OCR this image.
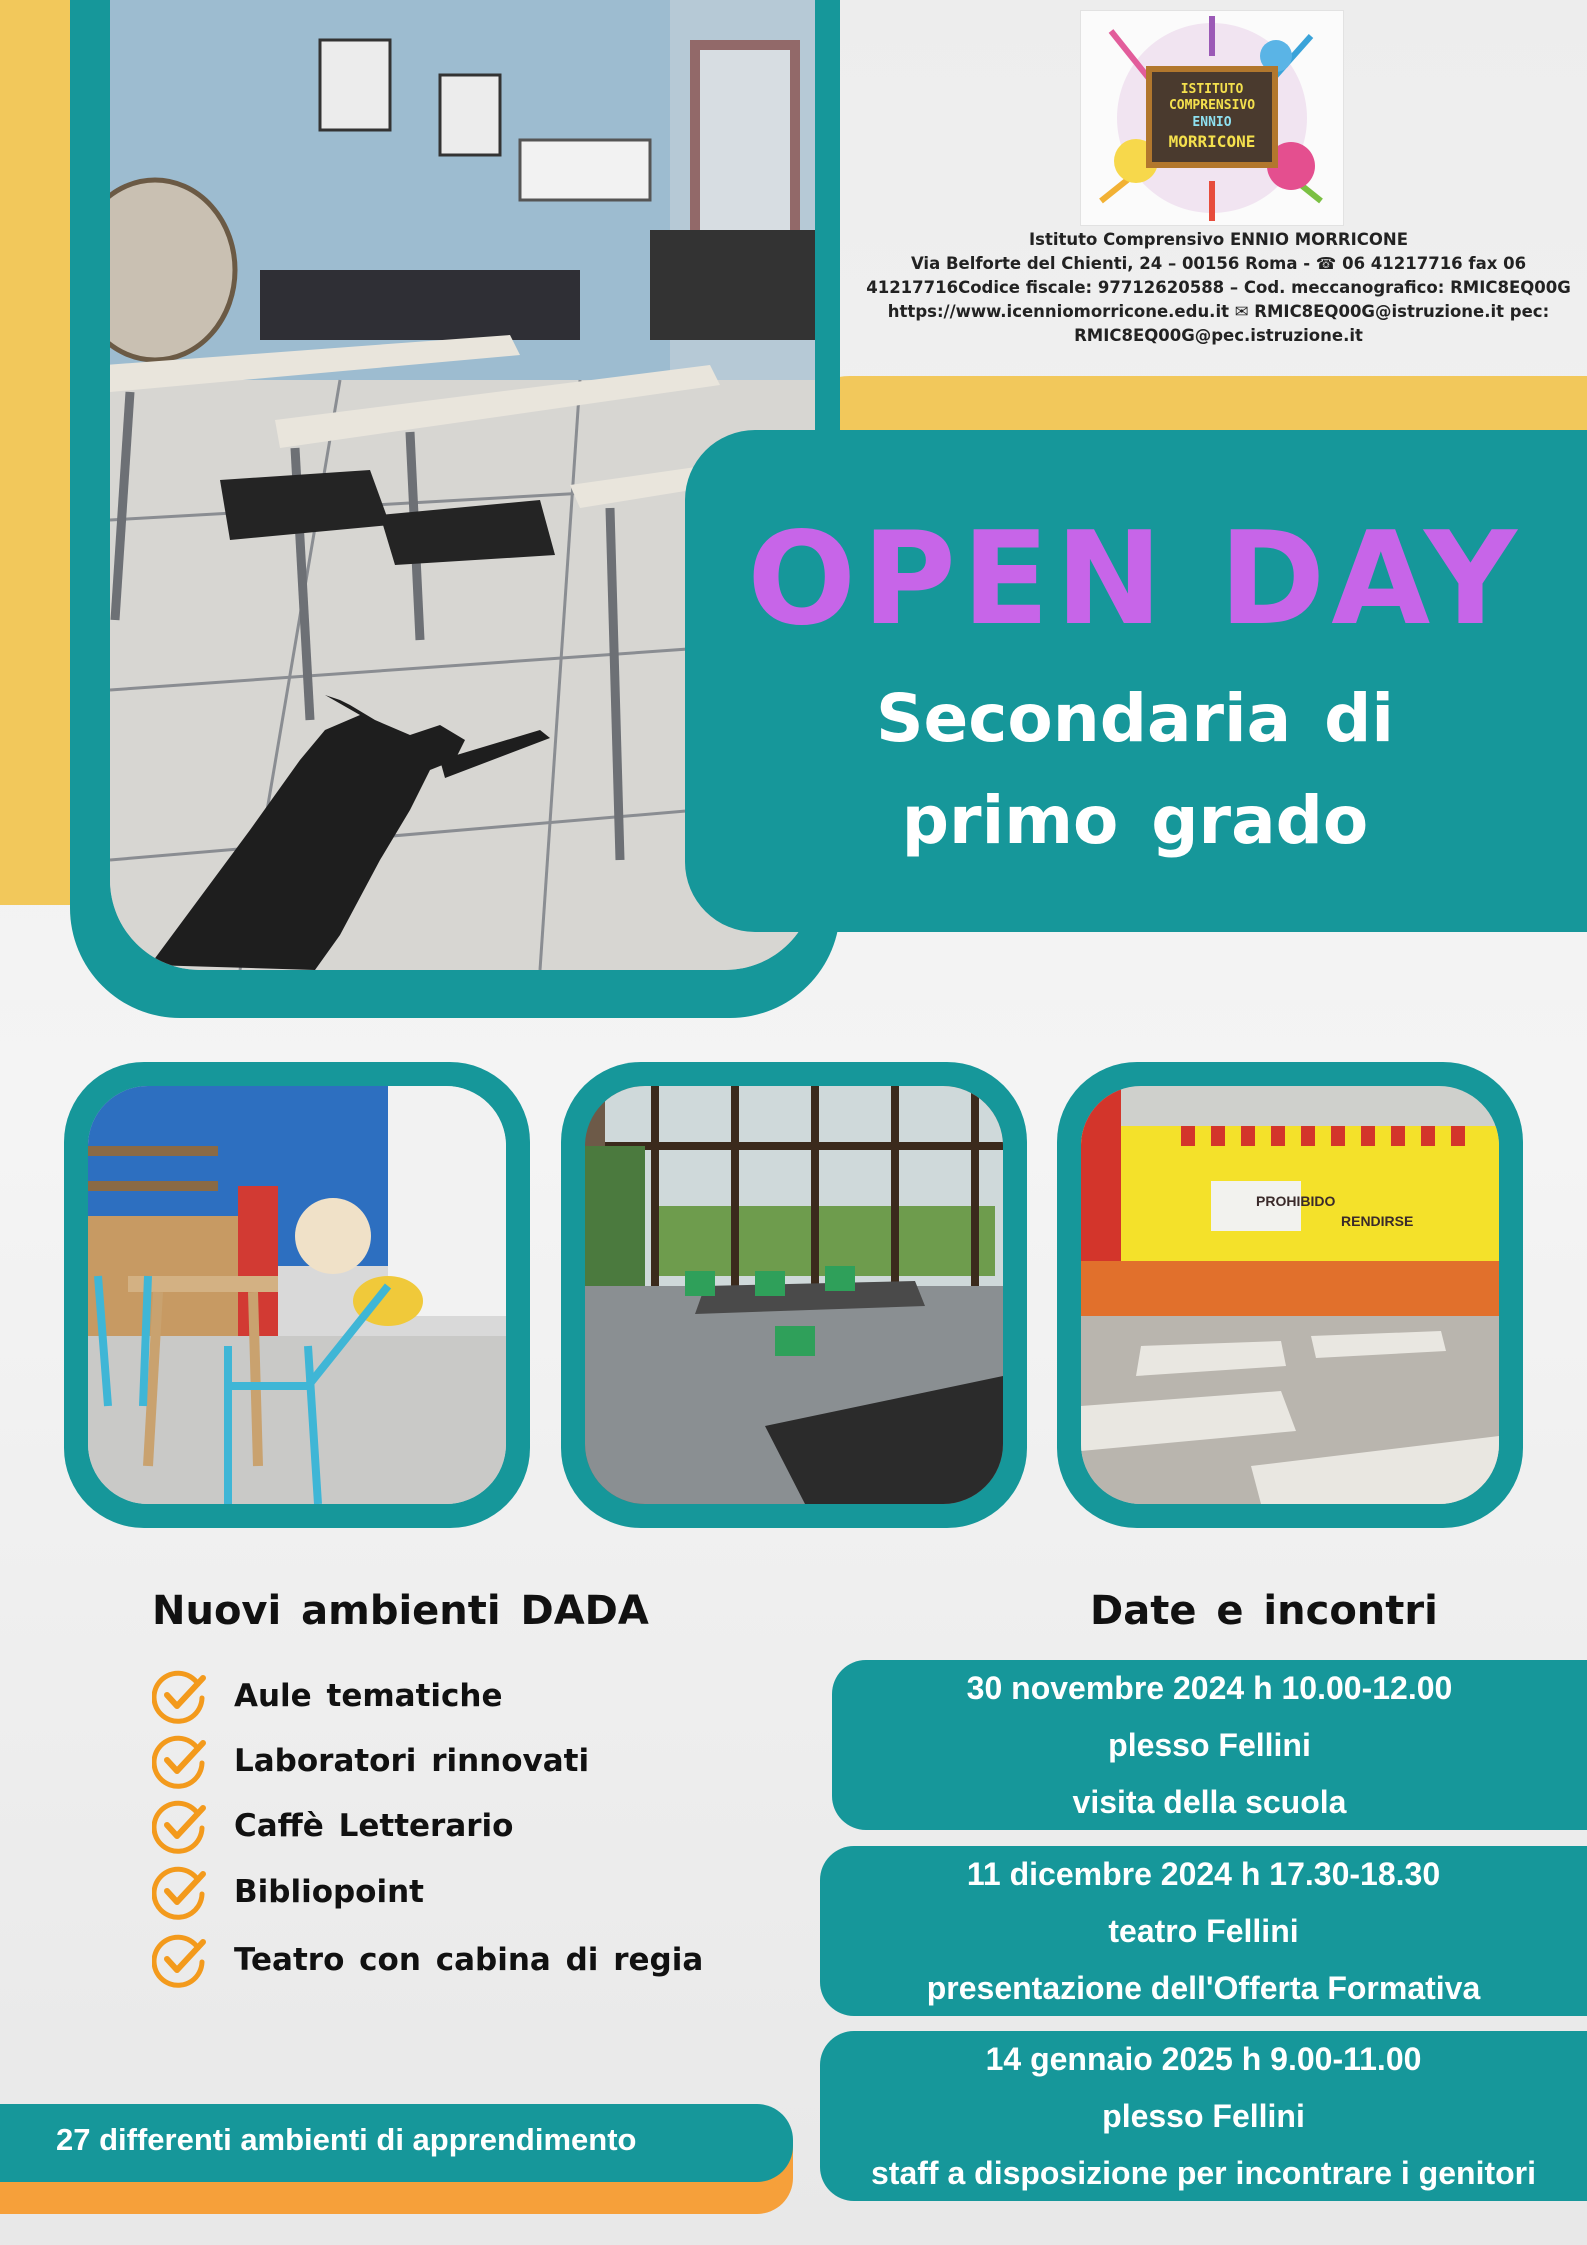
ISTITUTO
COMPRENSIVO
ENNIO
MORRICONE
Istituto Comprensivo ENNIO MORRICONE
Via Belforte del Chienti, 24 – 00156 Roma - ☎ 06 41217716 fax 06
41217716Codice fiscale: 97712620588 – Cod. meccanografico: RMIC8EQ00G
https://www.icenniomorricone.edu.it ✉ RMIC8EQ00G@istruzione.it pec:
RMIC8EQ00G@pec.istruzione.it
OPEN DAY
Secondaria di
primo grado
PROHIBIDO
RENDIRSE
Nuovi ambienti DADA
Aule tematiche
Laboratori rinnovati
Caffè Letterario
Bibliopoint
Teatro con cabina di regia
Date e incontri
30 novembre 2024 h 10.00-12.00
plesso Fellini
visita della scuola
11 dicembre 2024 h 17.30-18.30
teatro Fellini
presentazione dell'Offerta Formativa
14 gennaio 2025 h 9.00-11.00
plesso Fellini
staff a disposizione per incontrare i genitori
27 differenti ambienti di apprendimento
